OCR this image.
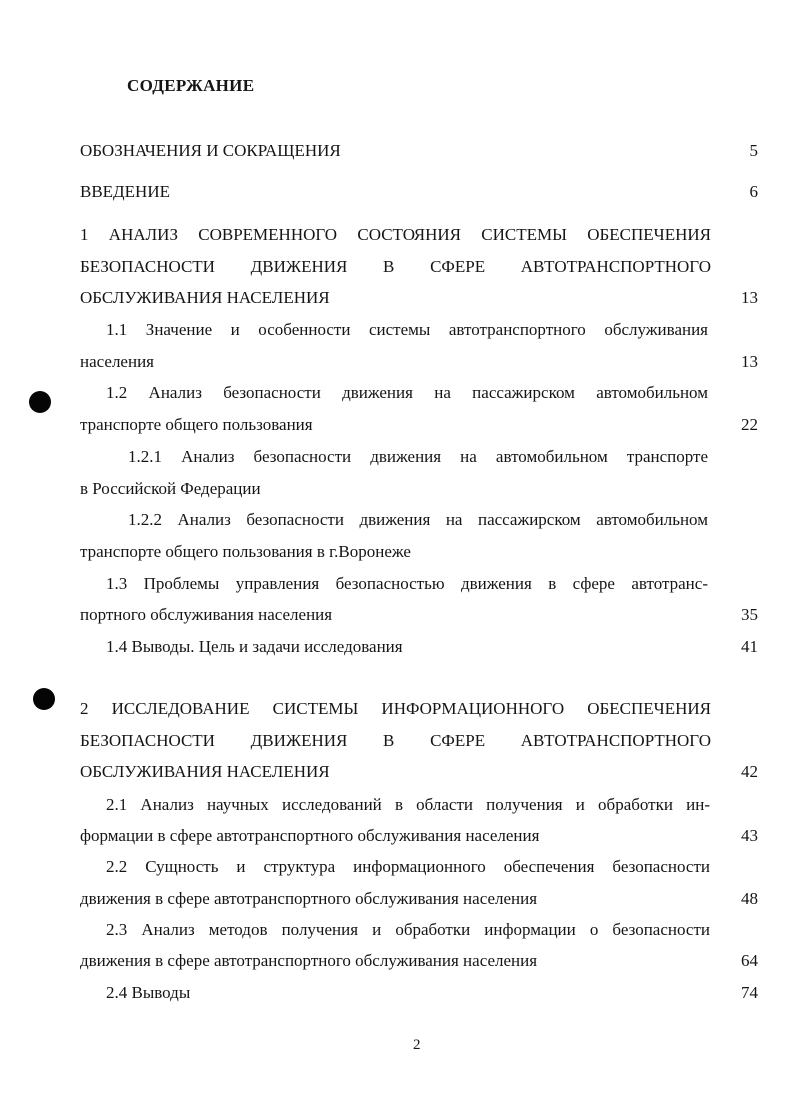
СОДЕРЖАНИЕ
ОБОЗНАЧЕНИЯ И СОКРАЩЕНИЯ	5
ВВЕДЕНИЕ	6
1 АНАЛИЗ СОВРЕМЕННОГО СОСТОЯНИЯ СИСТЕМЫ ОБЕСПЕЧЕНИЯ
БЕЗОПАСНОСТИ ДВИЖЕНИЯ В СФЕРЕ АВТОТРАНСПОРТНОГО
ОБСЛУЖИВАНИЯ НАСЕЛЕНИЯ	13
1.1 Значение и особенности системы автотранспортного обслуживания
населения	13
1.2 Анализ безопасности движения на пассажирском автомобильном
транспорте общего пользования	22
1.2.1 Анализ безопасности движения на автомобильном транспорте
в Российской Федерации
1.2.2 Анализ безопасности движения на пассажирском автомобильном
транспорте общего пользования в г.Воронеже
1.3 Проблемы управления безопасностью движения в сфере автотранс-
портного обслуживания населения	35
1.4 Выводы. Цель и задачи исследования	41
2 ИССЛЕДОВАНИЕ СИСТЕМЫ ИНФОРМАЦИОННОГО ОБЕСПЕЧЕНИЯ
БЕЗОПАСНОСТИ ДВИЖЕНИЯ В СФЕРЕ АВТОТРАНСПОРТНОГО
ОБСЛУЖИВАНИЯ НАСЕЛЕНИЯ	42
2.1 Анализ научных исследований в области получения и обработки ин-
формации в сфере автотранспортного обслуживания населения	43
2.2 Сущность и структура информационного обеспечения безопасности
движения в сфере автотранспортного обслуживания населения	48
2.3 Анализ методов получения и обработки информации о безопасности
движения в сфере автотранспортного обслуживания населения	64
2.4 Выводы	74
2
